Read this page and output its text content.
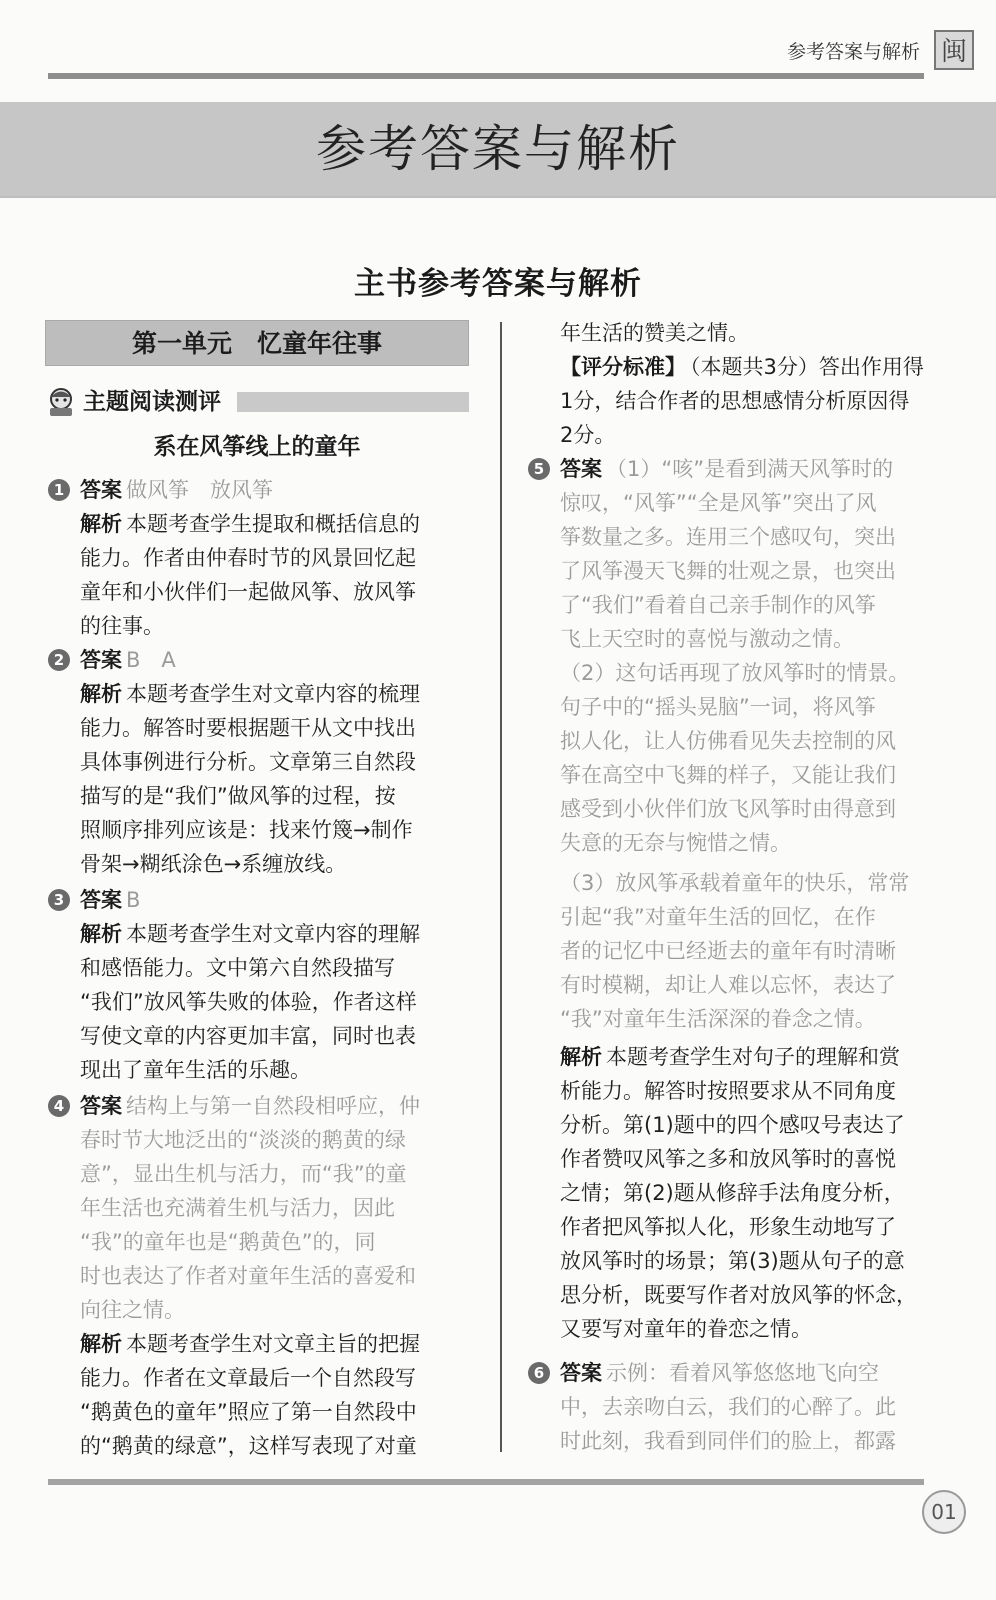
参考答案与解析 闽
参考答案与解析
主书参考答案与解析
第一单元　忆童年往事
主题阅读测评
系在风筝线上的童年
1 答案 做风筝　放风筝
解析 本题考查学生提取和概括信息的
能力。作者由仲春时节的风景回忆起
童年和小伙伴们一起做风筝、放风筝
的往事。
2 答案 B　A
解析 本题考查学生对文章内容的梳理
能力。解答时要根据题干从文中找出
具体事例进行分析。文章第三自然段
描写的是“我们”做风筝的过程，按
照顺序排列应该是：找来竹篾→制作
骨架→糊纸涂色→系缠放线。
3 答案 B
解析 本题考查学生对文章内容的理解
和感悟能力。文中第六自然段描写
“我们”放风筝失败的体验，作者这样
写使文章的内容更加丰富，同时也表
现出了童年生活的乐趣。
4 答案 结构上与第一自然段相呼应，仲
春时节大地泛出的“淡淡的鹅黄的绿
意”，显出生机与活力，而“我”的童
年生活也充满着生机与活力，因此
“我”的童年也是“鹅黄色”的，同
时也表达了作者对童年生活的喜爱和
向往之情。
解析 本题考查学生对文章主旨的把握
能力。作者在文章最后一个自然段写
“鹅黄色的童年”照应了第一自然段中
的“鹅黄的绿意”，这样写表现了对童
年生活的赞美之情。
【评分标准】 （本题共3分）答出作用得
1分，结合作者的思想感情分析原因得
2分。
5 答案 （1）“咳”是看到满天风筝时的
惊叹，“风筝”“全是风筝”突出了风
筝数量之多。连用三个感叹句，突出
了风筝漫天飞舞的壮观之景，也突出
了“我们”看着自己亲手制作的风筝
飞上天空时的喜悦与激动之情。
（2）这句话再现了放风筝时的情景。
句子中的“摇头晃脑”一词，将风筝
拟人化，让人仿佛看见失去控制的风
筝在高空中飞舞的样子，又能让我们
感受到小伙伴们放飞风筝时由得意到
失意的无奈与惋惜之情。
（3）放风筝承载着童年的快乐，常常
引起“我”对童年生活的回忆，在作
者的记忆中已经逝去的童年有时清晰
有时模糊，却让人难以忘怀，表达了
“我”对童年生活深深的眷念之情。
解析 本题考查学生对句子的理解和赏
析能力。解答时按照要求从不同角度
分析。第(1)题中的四个感叹号表达了
作者赞叹风筝之多和放风筝时的喜悦
之情；第(2)题从修辞手法角度分析，
作者把风筝拟人化，形象生动地写了
放风筝时的场景；第(3)题从句子的意
思分析，既要写作者对放风筝的怀念，
又要写对童年的眷恋之情。
6 答案 示例：看着风筝悠悠地飞向空
中，去亲吻白云，我们的心醉了。此
时此刻，我看到同伴们的脸上，都露
01
